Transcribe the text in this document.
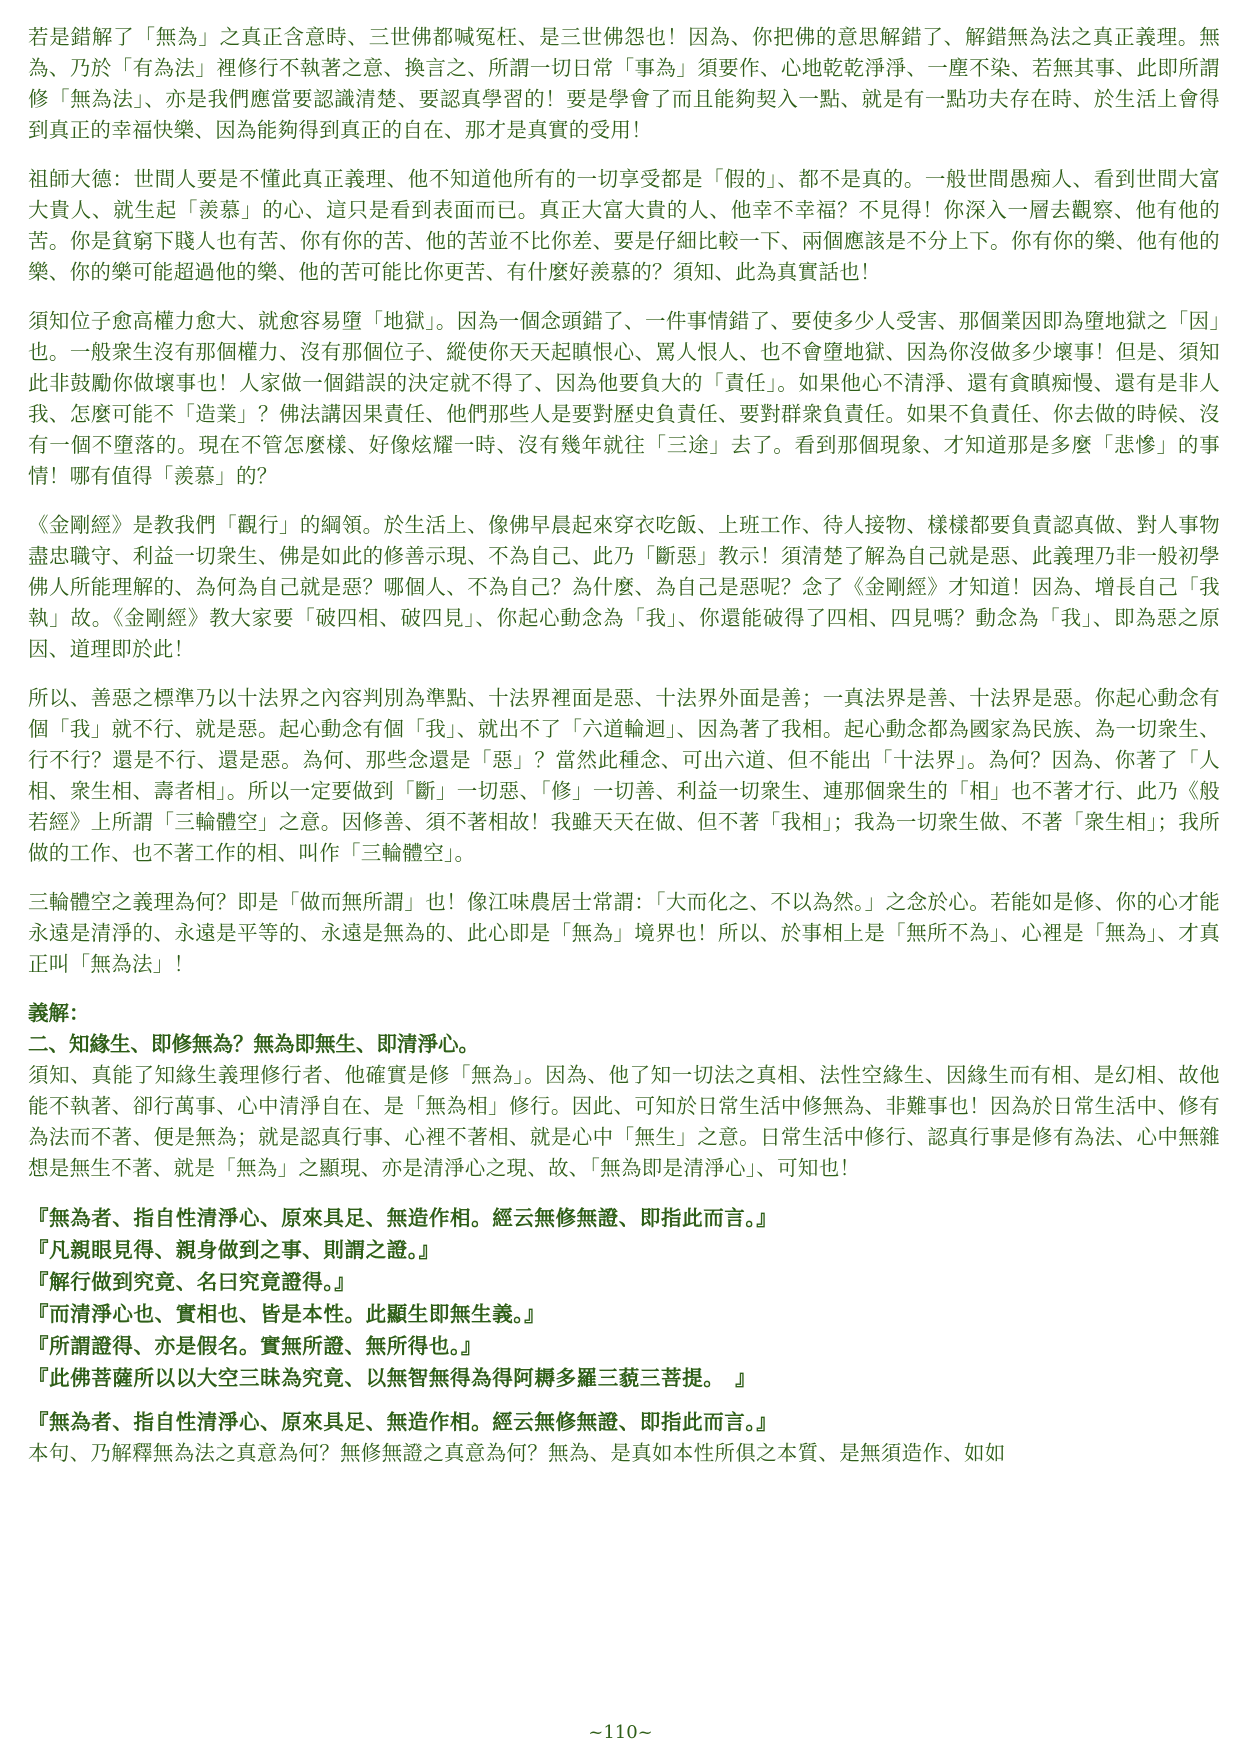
若是錯解了「無為」之真正含意時、三世佛都喊冤枉、是三世佛怨也！因為、你把佛的意思解錯了、解錯無為法之真正義理。無為、乃於「有為法」裡修行不執著之意、換言之、所謂一切日常「事為」須要作、心地乾乾淨淨、一塵不染、若無其事、此即所謂修「無為法」、亦是我們應當要認識清楚、要認真學習的！要是學會了而且能夠契入一點、就是有一點功夫存在時、於生活上會得到真正的幸福快樂、因為能夠得到真正的自在、那才是真實的受用！

祖師大德：世間人要是不懂此真正義理、他不知道他所有的一切享受都是「假的」、都不是真的。一般世間愚痴人、看到世間大富大貴人、就生起「羨慕」的心、這只是看到表面而已。真正大富大貴的人、他幸不幸福？不見得！你深入一層去觀察、他有他的苦。你是貧窮下賤人也有苦、你有你的苦、他的苦並不比你差、要是仔細比較一下、兩個應該是不分上下。你有你的樂、他有他的樂、你的樂可能超過他的樂、他的苦可能比你更苦、有什麼好羨慕的？須知、此為真實話也！

須知位子愈高權力愈大、就愈容易墮「地獄」。因為一個念頭錯了、一件事情錯了、要使多少人受害、那個業因即為墮地獄之「因」也。一般衆生沒有那個權力、沒有那個位子、縱使你天天起瞋恨心、罵人恨人、也不會墮地獄、因為你沒做多少壞事！但是、須知此非鼓勵你做壞事也！人家做一個錯誤的決定就不得了、因為他要負大的「責任」。如果他心不清淨、還有貪瞋痴慢、還有是非人我、怎麼可能不「造業」？佛法講因果責任、他們那些人是要對歷史負責任、要對群衆負責任。如果不負責任、你去做的時候、沒有一個不墮落的。現在不管怎麼樣、好像炫耀一時、沒有幾年就往「三途」去了。看到那個現象、才知道那是多麼「悲慘」的事情！哪有值得「羨慕」的？

《金剛經》是教我們「觀行」的綱領。於生活上、像佛早晨起來穿衣吃飯、上班工作、待人接物、樣樣都要負責認真做、對人事物盡忠職守、利益一切衆生、佛是如此的修善示現、不為自己、此乃「斷惡」教示！須清楚了解為自己就是惡、此義理乃非一般初學佛人所能理解的、為何為自己就是惡？哪個人、不為自己？為什麼、為自己是惡呢？念了《金剛經》才知道！因為、增長自己「我執」故。《金剛經》教大家要「破四相、破四見」、你起心動念為「我」、你還能破得了四相、四見嗎？動念為「我」、即為惡之原因、道理即於此！

所以、善惡之標準乃以十法界之內容判別為準點、十法界裡面是惡、十法界外面是善；一真法界是善、十法界是惡。你起心動念有個「我」就不行、就是惡。起心動念有個「我」、就出不了「六道輪迴」、因為著了我相。起心動念都為國家為民族、為一切衆生、行不行？還是不行、還是惡。為何、那些念還是「惡」？當然此種念、可出六道、但不能出「十法界」。為何？因為、你著了「人相、衆生相、壽者相」。所以一定要做到「斷」一切惡、「修」一切善、利益一切衆生、連那個衆生的「相」也不著才行、此乃《般若經》上所謂「三輪體空」之意。因修善、須不著相故！我雖天天在做、但不著「我相」；我為一切衆生做、不著「衆生相」；我所做的工作、也不著工作的相、叫作「三輪體空」。

三輪體空之義理為何？即是「做而無所謂」也！像江味農居士常謂：「大而化之、不以為然。」之念於心。若能如是修、你的心才能永遠是清淨的、永遠是平等的、永遠是無為的、此心即是「無為」境界也！所以、於事相上是「無所不為」、心裡是「無為」、才真正叫「無為法」！

義解：

二、知緣生、即修無為？無為即無生、即清淨心。

須知、真能了知緣生義理修行者、他確實是修「無為」。因為、他了知一切法之真相、法性空緣生、因緣生而有相、是幻相、故他能不執著、卻行萬事、心中清淨自在、是「無為相」修行。因此、可知於日常生活中修無為、非難事也！因為於日常生活中、修有為法而不著、便是無為；就是認真行事、心裡不著相、就是心中「無生」之意。日常生活中修行、認真行事是修有為法、心中無雜想是無生不著、就是「無為」之顯現、亦是清淨心之現、故、「無為即是清淨心」、可知也！

『無為者、指自性清淨心、原來具足、無造作相。經云無修無證、即指此而言。』

『凡親眼見得、親身做到之事、則謂之證。』

『解行做到究竟、名曰究竟證得。』

『而清淨心也、實相也、皆是本性。此顯生即無生義。』

『所謂證得、亦是假名。實無所證、無所得也。』

『此佛菩薩所以以大空三昧為究竟、以無智無得為得阿耨多羅三藐三菩提。　』

『無為者、指自性清淨心、原來具足、無造作相。經云無修無證、即指此而言。』

本句、乃解釋無為法之真意為何？無修無證之真意為何？無為、是真如本性所俱之本質、是無須造作、如如

~110~
